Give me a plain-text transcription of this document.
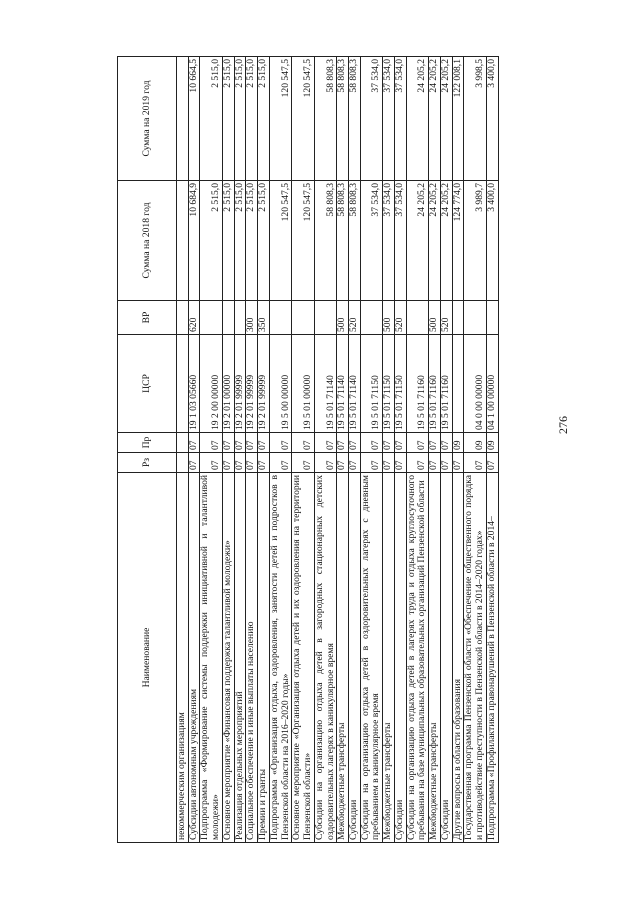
276
Наименование	Рз	Пр	ЦСР	ВР	Сумма на 2018 год	Сумма на 2019 год
некоммерческим организациям						
Субсидии автономным учреждениям	07	07	19 1 03 05660	620	10 684,9	10 664,5
Подпрограмма «Формирование системы поддержки инициативной и талантливой молодежи»	07	07	19 2 00 00000		2 515,0	2 515,0
Основное мероприятие «Финансовая поддержка талантливой молодежи»	07	07	19 2 01 00000		2 515,0	2 515,0
Реализация отдельных мероприятий	07	07	19 2 01 99999		2 515,0	2 515,0
Социальное обеспечение и иные выплаты населению	07	07	19 2 01 99999	300	2 515,0	2 515,0
Премии и гранты	07	07	19 2 01 99999	350	2 515,0	2 515,0
Подпрограмма «Организация отдыха, оздоровления, занятости детей и подростков в Пензенской области на 2016–2020 годы»	07	07	19 5 00 00000		120 547,5	120 547,5
Основное мероприятие «Организация отдыха детей и их оздоровления на территории Пензенской области»	07	07	19 5 01 00000		120 547,5	120 547,5
Субсидии на организацию отдыха детей в загородных стационарных детских оздоровительных лагерях в каникулярное время	07	07	19 5 01 71140		58 808,3	58 808,3
Межбюджетные трансферты	07	07	19 5 01 71140	500	58 808,3	58 808,3
Субсидии	07	07	19 5 01 71140	520	58 808,3	58 808,3
Субсидии на организацию отдыха детей в оздоровительных лагерях с дневным пребыванием в каникулярное время	07	07	19 5 01 71150		37 534,0	37 534,0
Межбюджетные трансферты	07	07	19 5 01 71150	500	37 534,0	37 534,0
Субсидии	07	07	19 5 01 71150	520	37 534,0	37 534,0
Субсидии на организацию отдыха детей в лагерях труда и отдыха круглосуточного пребывания на базе муниципальных образовательных организаций Пензенской области	07	07	19 5 01 71160		24 205,2	24 205,2
Межбюджетные трансферты	07	07	19 5 01 71160	500	24 205,2	24 205,2
Субсидии	07	07	19 5 01 71160	520	24 205,2	24 205,2
Другие вопросы в области образования	07	09			124 774,0	122 008,1
Государственная программа Пензенской области «Обеспечение общественного порядка и противодействие преступности в Пензенской области в 2014–2020 годах»	07	09	04 0 00 00000		3 989,7	3 998,5
Подпрограмма «Профилактика правонарушений в Пензенской области в 2014–	07	09	04 1 00 00000		3 400,0	3 400,0
